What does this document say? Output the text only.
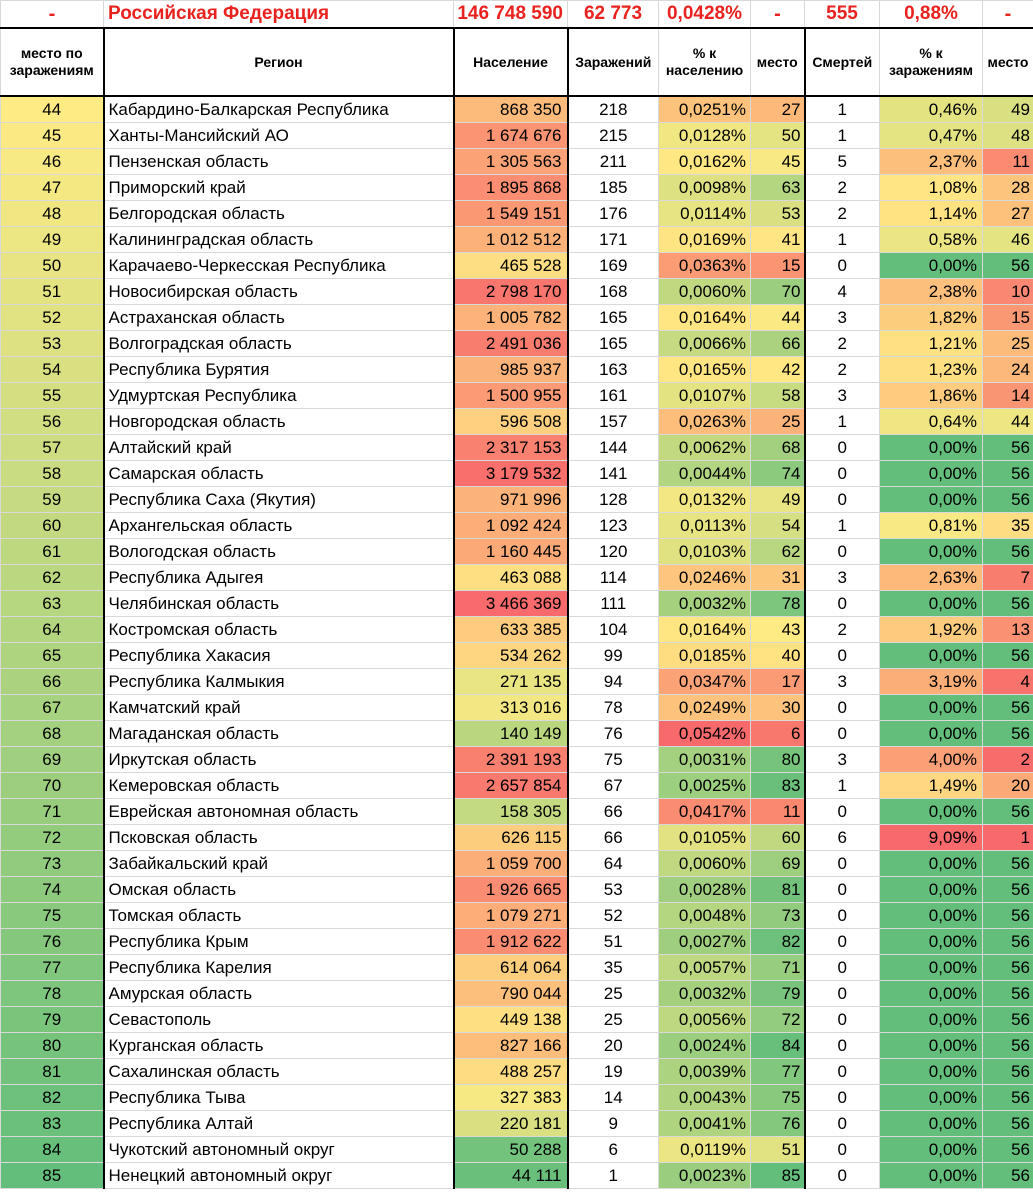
-	Российская Федерация	146 748 590	62 773	0,0428%	-	555	0,88%	-
место по заражениям	Регион	Население	Заражений	% к населению	место	Смертей	% к заражениям	место
44	Кабардино-Балкарская Республика	868 350	218	0,0251%	27	1	0,46%	49
45	Ханты-Мансийский АО	1 674 676	215	0,0128%	50	1	0,47%	48
46	Пензенская область	1 305 563	211	0,0162%	45	5	2,37%	11
47	Приморский край	1 895 868	185	0,0098%	63	2	1,08%	28
48	Белгородская область	1 549 151	176	0,0114%	53	2	1,14%	27
49	Калининградская область	1 012 512	171	0,0169%	41	1	0,58%	46
50	Карачаево-Черкесская Республика	465 528	169	0,0363%	15	0	0,00%	56
51	Новосибирская область	2 798 170	168	0,0060%	70	4	2,38%	10
52	Астраханская область	1 005 782	165	0,0164%	44	3	1,82%	15
53	Волгоградская область	2 491 036	165	0,0066%	66	2	1,21%	25
54	Республика Бурятия	985 937	163	0,0165%	42	2	1,23%	24
55	Удмуртская Республика	1 500 955	161	0,0107%	58	3	1,86%	14
56	Новгородская область	596 508	157	0,0263%	25	1	0,64%	44
57	Алтайский край	2 317 153	144	0,0062%	68	0	0,00%	56
58	Самарская область	3 179 532	141	0,0044%	74	0	0,00%	56
59	Республика Саха (Якутия)	971 996	128	0,0132%	49	0	0,00%	56
60	Архангельская область	1 092 424	123	0,0113%	54	1	0,81%	35
61	Вологодская область	1 160 445	120	0,0103%	62	0	0,00%	56
62	Республика Адыгея	463 088	114	0,0246%	31	3	2,63%	7
63	Челябинская область	3 466 369	111	0,0032%	78	0	0,00%	56
64	Костромская область	633 385	104	0,0164%	43	2	1,92%	13
65	Республика Хакасия	534 262	99	0,0185%	40	0	0,00%	56
66	Республика Калмыкия	271 135	94	0,0347%	17	3	3,19%	4
67	Камчатский край	313 016	78	0,0249%	30	0	0,00%	56
68	Магаданская область	140 149	76	0,0542%	6	0	0,00%	56
69	Иркутская область	2 391 193	75	0,0031%	80	3	4,00%	2
70	Кемеровская область	2 657 854	67	0,0025%	83	1	1,49%	20
71	Еврейская автономная область	158 305	66	0,0417%	11	0	0,00%	56
72	Псковская область	626 115	66	0,0105%	60	6	9,09%	1
73	Забайкальский край	1 059 700	64	0,0060%	69	0	0,00%	56
74	Омская область	1 926 665	53	0,0028%	81	0	0,00%	56
75	Томская область	1 079 271	52	0,0048%	73	0	0,00%	56
76	Республика Крым	1 912 622	51	0,0027%	82	0	0,00%	56
77	Республика Карелия	614 064	35	0,0057%	71	0	0,00%	56
78	Амурская область	790 044	25	0,0032%	79	0	0,00%	56
79	Севастополь	449 138	25	0,0056%	72	0	0,00%	56
80	Курганская область	827 166	20	0,0024%	84	0	0,00%	56
81	Сахалинская область	488 257	19	0,0039%	77	0	0,00%	56
82	Республика Тыва	327 383	14	0,0043%	75	0	0,00%	56
83	Республика Алтай	220 181	9	0,0041%	76	0	0,00%	56
84	Чукотский автономный округ	50 288	6	0,0119%	51	0	0,00%	56
85	Ненецкий автономный округ	44 111	1	0,0023%	85	0	0,00%	56
